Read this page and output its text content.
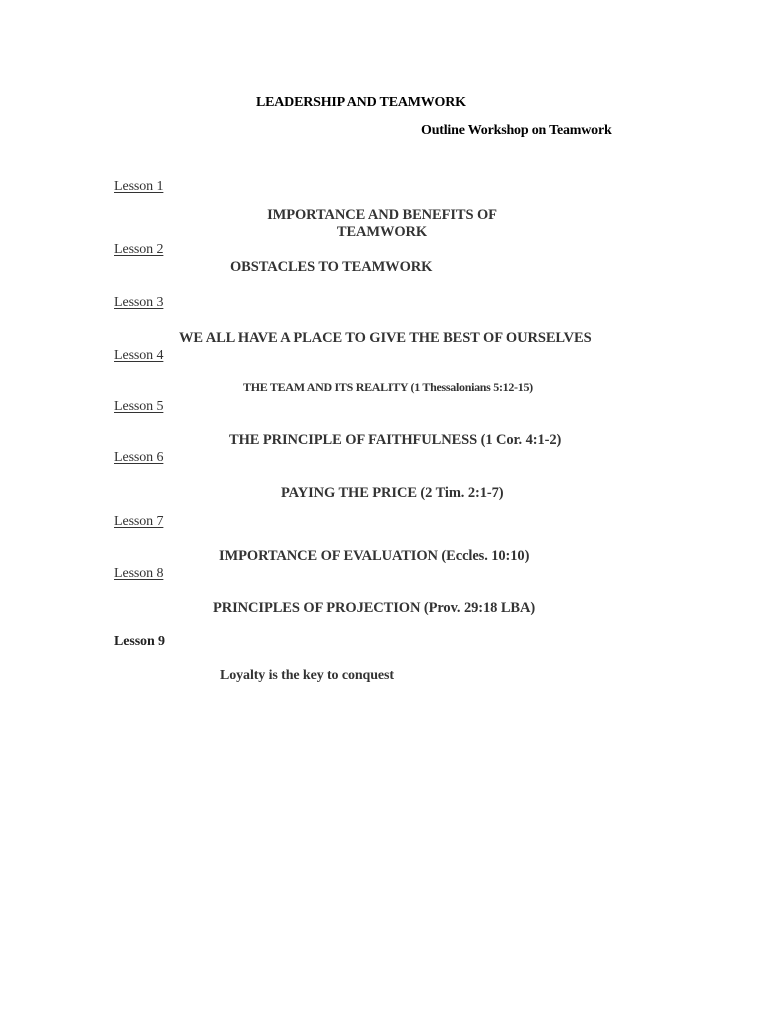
LEADERSHIP AND TEAMWORK
Outline Workshop on Teamwork
Lesson 1
IMPORTANCE AND BENEFITS OF TEAMWORK
Lesson 2
OBSTACLES TO TEAMWORK
Lesson 3
WE ALL HAVE A PLACE TO GIVE THE BEST OF OURSELVES
Lesson 4
THE TEAM AND ITS REALITY (1 Thessalonians 5:12-15)
Lesson 5
THE PRINCIPLE OF FAITHFULNESS (1 Cor. 4:1-2)
Lesson 6
PAYING THE PRICE (2 Tim. 2:1-7)
Lesson 7
IMPORTANCE OF EVALUATION (Eccles. 10:10)
Lesson 8
PRINCIPLES OF PROJECTION (Prov. 29:18 LBA)
Lesson 9
Loyalty is the key to conquest
